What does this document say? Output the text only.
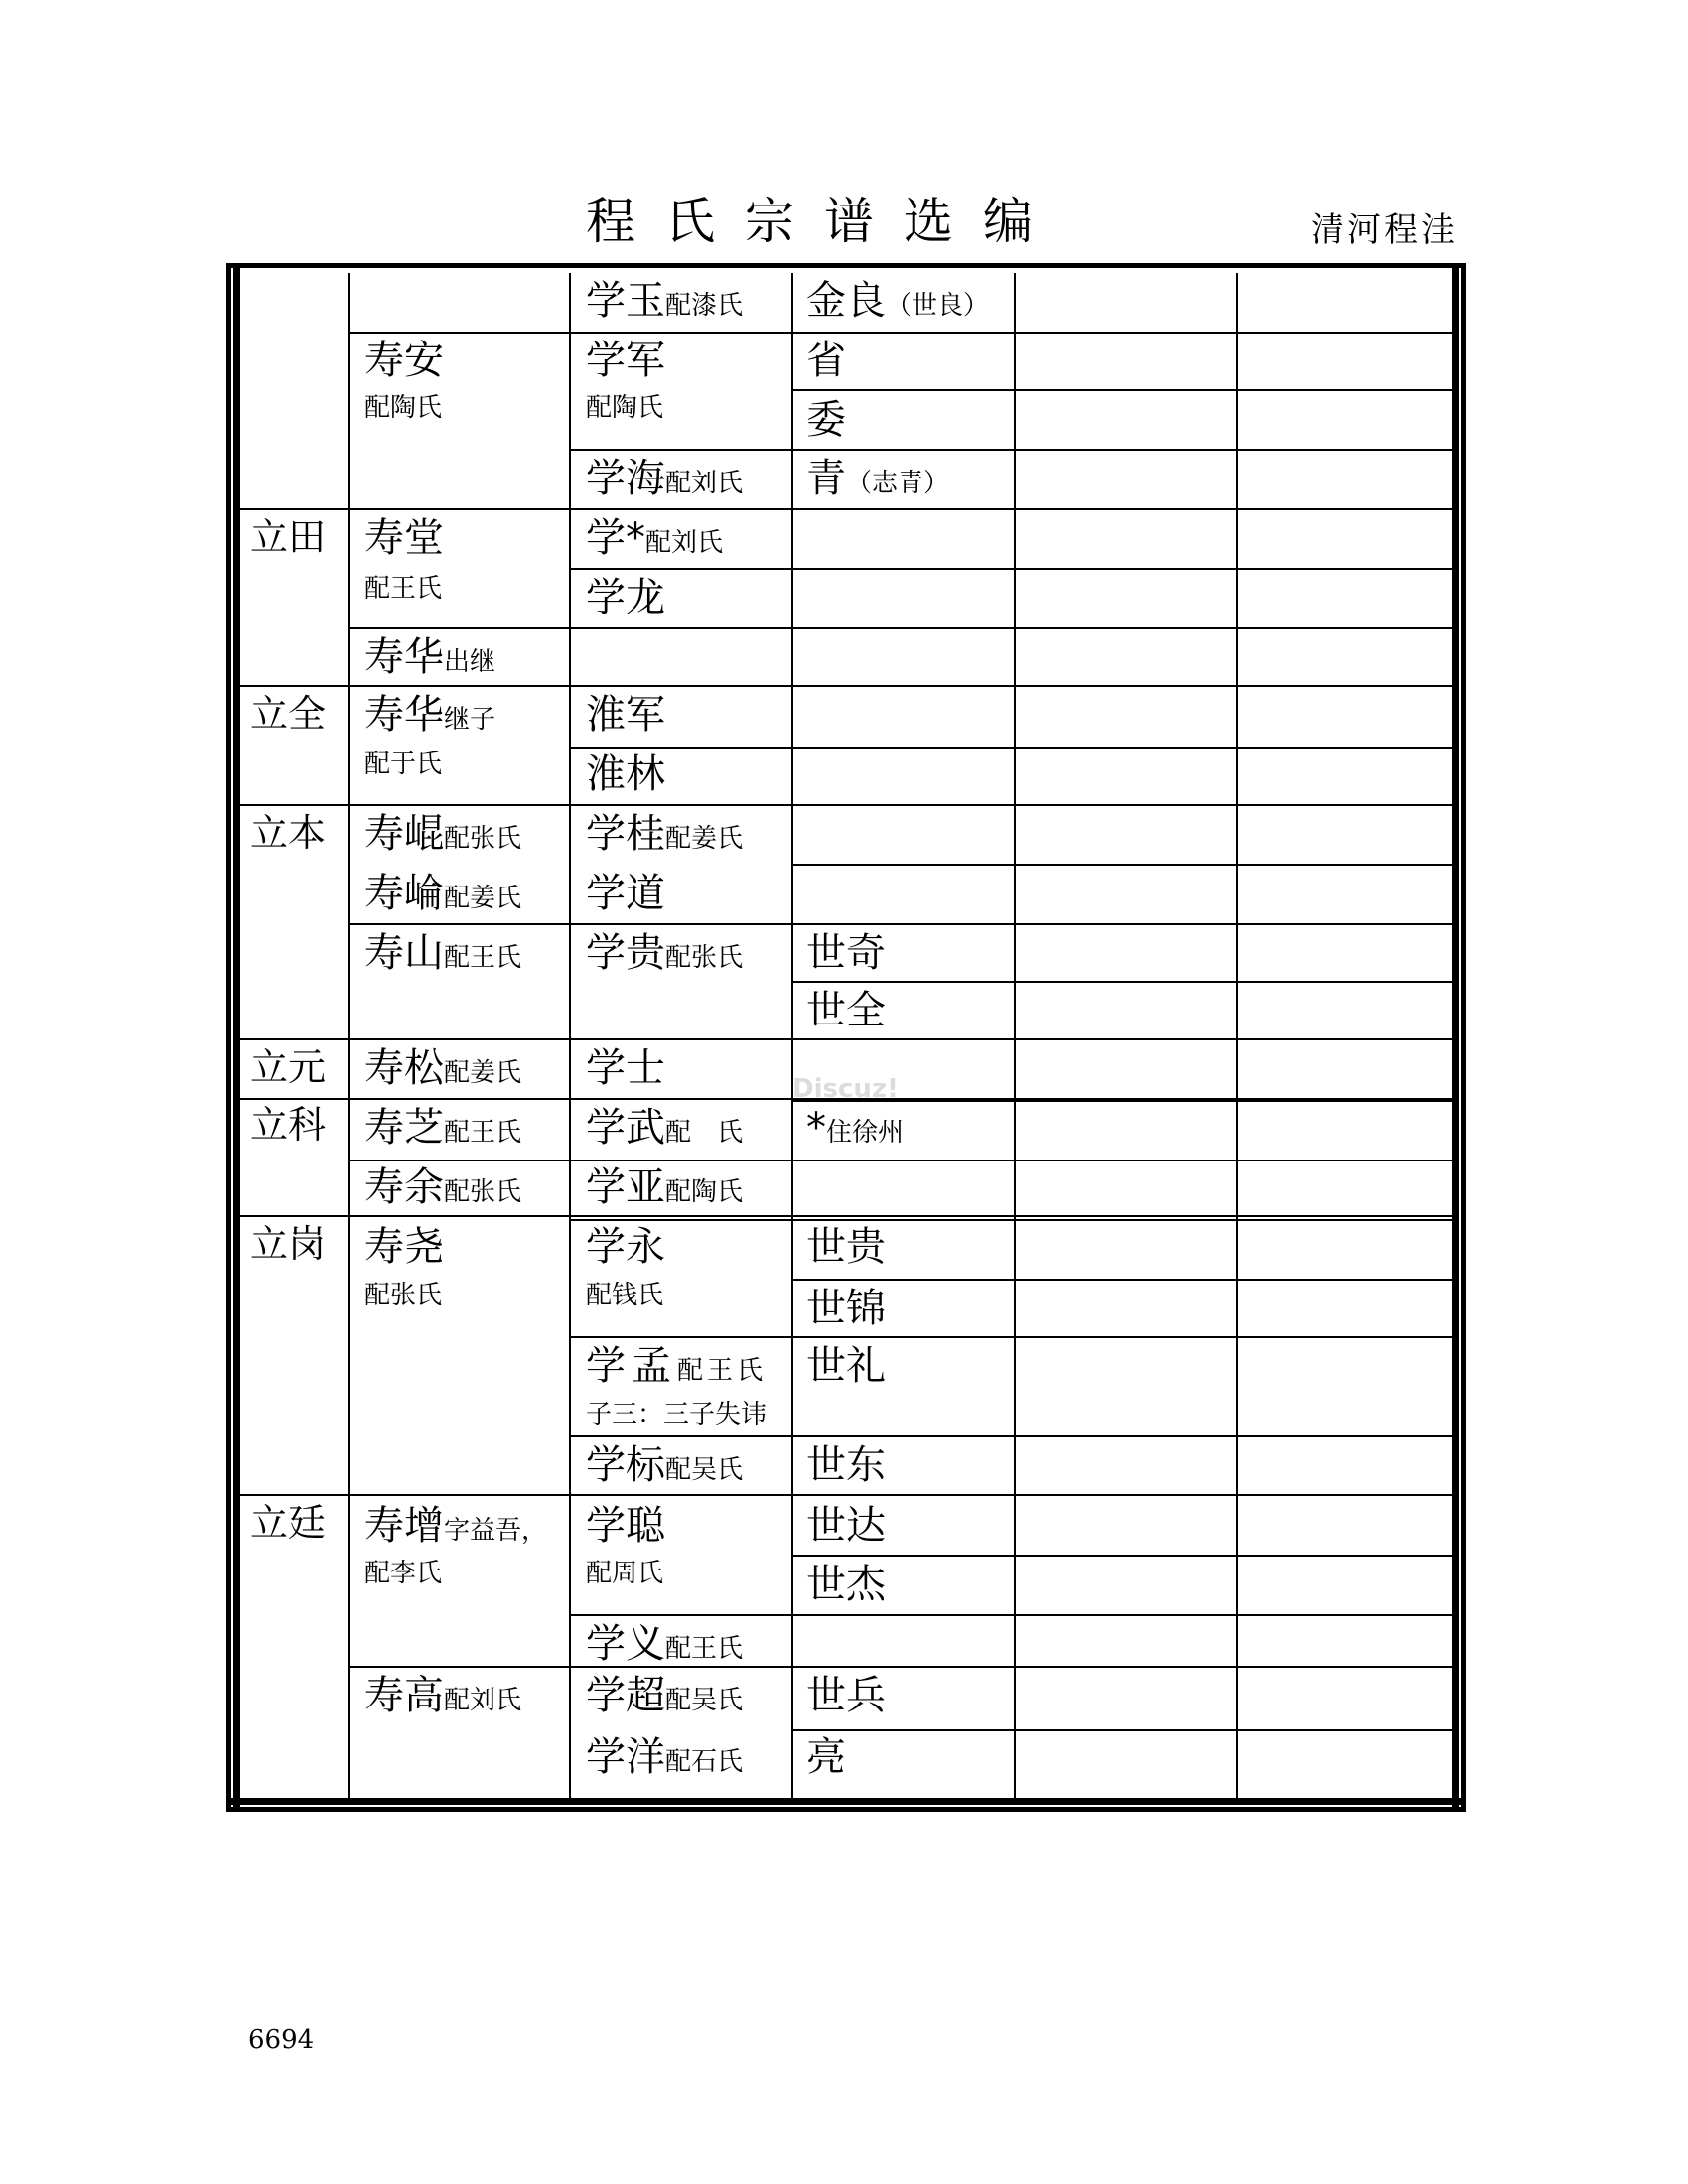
程氏宗谱选编	清河程洼
学玉配漆氏 金良（世良）
寿安
配陶氏
学军
配陶氏
省
委
学海配刘氏 青（志青）
立田 寿堂
配王氏
学*配刘氏
学龙
寿华出继
立全 寿华继子
配于氏
淮军
淮林
立本 寿崐配张氏 学桂配姜氏
寿崘配姜氏 学道
寿山配王氏 学贵配张氏 世奇
世全
立元 寿松配姜氏 学士
立科 寿芝配王氏 学武配　氏 *住徐州
寿余配张氏 学亚配陶氏
立岗 寿尧
配张氏
学永
配钱氏
世贵
世锦
学孟配王氏
子三：三子失讳
世礼
学标配吴氏 世东
立廷 寿增字益吾，
配李氏
学聪
配周氏
世达
世杰
学义配王氏
寿高配刘氏 学超配吴氏 世兵
学洋配石氏 亮
Discuz!
6694
